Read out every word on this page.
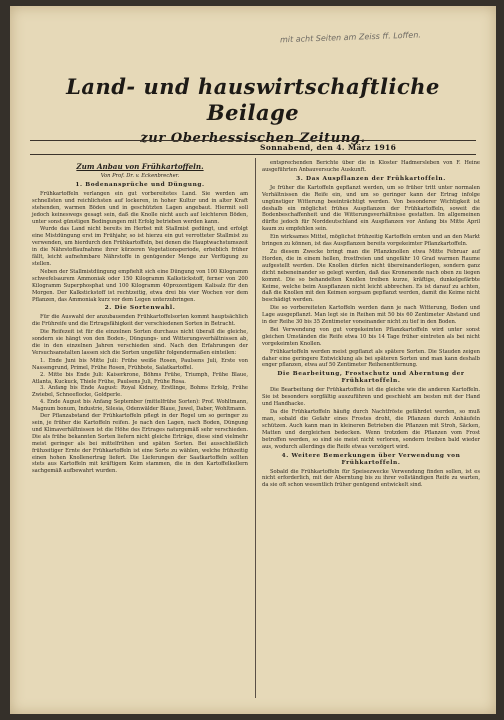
mit acht Seiten am Zeiss ff. Loffen.
Land- und hauswirtschaftliche Beilage
zur Oberhessischen Zeitung.
Sonnabend, den 4. März 1916
Zum Anbau von Frühkartoffeln.
Von Prof. Dr. v. Eckenbrecher.
1. Bodenansprüche und Düngung.

Frühkartoffeln verlangen ein gut vorbereitetes Land. Sie werden am schnellsten und reichlichsten auf lockeren, in hoher Kultur und in alter Kraft stehenden, warmen Böden und in geschützten Lagen angebaut. Hiermit soll jedoch keineswegs gesagt sein, daß die Knolle nicht auch auf leichteren Böden, unter sonst günstigen Bedingungen mit Erfolg betrieben werden kann.

Wurde das Land nicht bereits im Herbst mit Stallmist gedüngt, und erfolgt eine Mistdüngung erst im Frühjahr, so ist hierzu ein gut verrotteter Stallmist zu verwenden, um hierdurch den Frühkartoffeln, bei denen die Hauptwachstumszeit in die Nährstoffaufnahme ihrer kürzeren Vegetationsperiode, erheblich früher fällt, leicht aufnehmbare Nährstoffe in genügender Menge zur Verfügung zu stellen.

Neben der Stallmistdüngung empfiehlt sich eine Düngung von 100 Kilogramm schwefelsaurem Ammoniak oder 150 Kilogramm Kalkstickstoff, ferner von 200 Kilogramm Superphosphat und 100 Kilogramm 40prozentigem Kalisalz für den Morgen. Der Kalkstickstoff ist rechtzeitig, etwa drei bis vier Wochen vor dem Pflanzen, das Ammoniak kurz vor dem Legen unterzubringen.

2. Die Sortenwahl.

Für die Auswahl der anzubauenden Frühkartoffelsorten kommt hauptsächlich die Frühreife und die Ertragsfähigkeit der verschiedenen Sorten in Betracht.

Die Reifezeit ist für die einzelnen Sorten durchaus nicht überall die gleiche, sondern sie hängt von den Boden-, Düngungs- und Witterungsverhältnissen ab, die in den einzelnen Jahren verschieden sind. Nach den Erfahrungen der Versuchsanstalten lassen sich die Sorten ungefähr folgendermaßen einteilen:

1. Ende Juni bis Mitte Juli: Frühe weiße Rosen, Paulsens Juli, Erste von Nassengrund, Primel, Frühe Rosen, Frühbote, Salatkartoffel.
2. Mitte bis Ende Juli: Kaiserkrone, Böhms Frühe, Triumph, Frühe Blaue, Atlanta, Kuckuck, Thiele Frühe, Paulsens Juli, Frühe Rosa.
3. Anfang bis Ende August: Royal Kidney, Erstlinge, Bohms Erfolg, Frühe Zwiebel, Schneeflocke, Goldperle.
4. Ende August bis Anfang September (mittelfrühe Sorten): Prof. Wohltmann, Magnum bonum, Industrie, Silesia, Odenwälder Blaue, Juwel, Daber, Wohltmann.

Der Pflanzabstand der Frühkartoffeln pflegt in der Regel um so geringer zu sein, je früher die Kartoffeln reifen. Je nach den Lagen, nach Boden, Düngung und Klimaverhältnissen ist die Höhe des Ertrages naturgemäß sehr verschieden. Die als frühe bekannten Sorten liefern nicht gleiche Erträge, diese sind vielmehr meist geringer als bei mittelfrühen und späten Sorten. Bei ausschließlich frühzeitiger Ernte der Frühkartoffeln ist eine Sorte zu wählen, welche frühzeitig einen hohen Knollenertrag liefert. Die Lieferungen der Saatkartoffeln sollten stets aus Kartoffeln mit kräftigem Keim stammen, die in den Kartoffelkellern sachgemäß aufbewahrt wurden.

entsprechenden Berichte über die in Kloster Hadmersleben von F. Heine ausgeführten Anbauversuche Auskunft.

3. Das Auspflanzen der Frühkartoffeln.

Je früher die Kartoffeln gepflanzt werden, um so früher tritt unter normalen Verhältnissen die Reife ein, und um so geringer kann der Ertrag infolge ungünstiger Witterung beeinträchtigt werden. Von besonderer Wichtigkeit ist deshalb ein möglichst frühes Auspflanzen der Frühkartoffeln, soweit die Bodenbeschaffenheit und die Witterungsverhältnisse gestatten. Im allgemeinen dürfte jedoch für Norddeutschland ein Auspflanzen vor Anfang bis Mitte April kaum zu empfehlen sein.

Ein wirksames Mittel, möglichst frühzeitig Kartoffeln ernten und an den Markt bringen zu können, ist das Auspflanzen bereits vorgekeimter Pflanzkartoffeln.

Zu diesem Zwecke bringt man die Pflanzknollen etwa Mitte Februar auf Horden, die in einem hellen, frostfreien und ungefähr 10 Grad warmen Raume aufgestellt werden. Die Knollen dürfen nicht übereinanderliegen, sondern ganz dicht nebeneinander so gelegt werden, daß das Kronenende nach oben zu liegen kommt. Die so behandelten Knollen treiben kurze, kräftige, dunkelgefärbte Keime, welche beim Auspflanzen nicht leicht abbrechen. Es ist darauf zu achten, daß die Knollen mit den Keimen sorgsam gepflanzt werden, damit die Keime nicht beschädigt werden.

Die so vorbereiteten Kartoffeln werden dann je nach Witterung, Boden und Lage ausgepflanzt. Man legt sie in Reihen mit 50 bis 60 Zentimeter Abstand und in der Reihe 30 bis 35 Zentimeter voneinander nicht zu tief in den Boden.

Bei Verwendung von gut vorgekeimten Pflanzkartoffeln wird unter sonst gleichen Umständen die Reife etwa 10 bis 14 Tage früher eintreten als bei nicht vorgekeimten Knollen.

Frühkartoffeln werden meist gepflanzt als spätere Sorten. Die Stauden zeigen daher eine geringere Entwicklung als bei späteren Sorten und man kann deshalb enger pflanzen, etwa auf 50 Zentimeter Reihenentfernung.

Die Bearbeitung, Frostschutz und Aberntung der Frühkartoffeln.

Die Bearbeitung der Frühkartoffeln ist die gleiche wie die anderen Kartoffeln. Sie ist besonders sorgfältig auszuführen und geschieht am besten mit der Hand und Handhacke.

Da die Frühkartoffeln häufig durch Nachtfröste gefährdet werden, so muß man, sobald die Gefahr eines Frostes droht, die Pflanzen durch Anhäufeln schützen. Auch kann man in kleineren Betrieben die Pflanzen mit Stroh, Säcken, Matten und dergleichen bedecken. Wenn trotzdem die Pflanzen vom Frost betroffen werden, so sind sie meist nicht verloren, sondern treiben bald wieder aus, wodurch allerdings die Reife etwas verzögert wird.

4. Weitere Bemerkungen über Verwendung von Frühkartoffeln.

Sobald die Frühkartoffeln für Speisezwecke Verwendung finden sollen, ist es nicht erforderlich, mit der Aberntung bis zu ihrer vollständigen Reife zu warten, da sie oft schon wesentlich früher genügend entwickelt sind.
